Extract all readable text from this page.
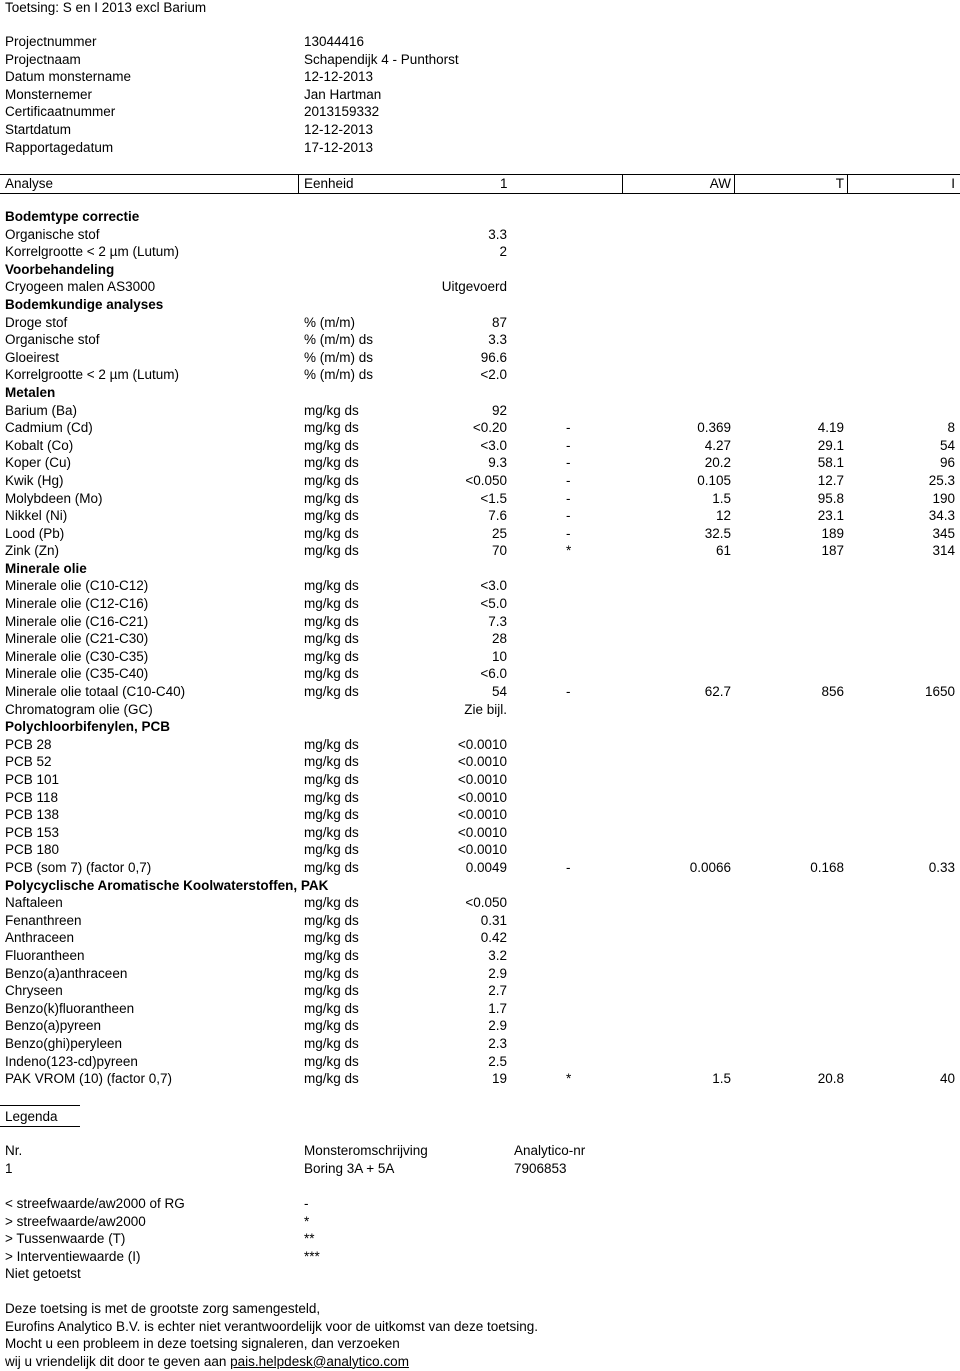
Toetsing: S en I 2013 excl Barium
Projectnummer	13044416
Projectnaam	Schapendijk 4 - Punthorst
Datum monstername	12-12-2013
Monsternemer	Jan Hartman
Certificaatnummer	2013159332
Startdatum	12-12-2013
Rapportagedatum	17-12-2013
Analyse	Eenheid	1	AW	T	I
Bodemtype correctie
Organische stof	3.3
Korrelgrootte < 2 µm (Lutum)	2
Voorbehandeling
Cryogeen malen AS3000	Uitgevoerd
Bodemkundige analyses
Droge stof	% (m/m)	87
Organische stof	% (m/m) ds	3.3
Gloeirest	% (m/m) ds	96.6
Korrelgrootte < 2 µm (Lutum)	% (m/m) ds	<2.0
Metalen
Barium (Ba)	mg/kg ds	92
Cadmium (Cd)	mg/kg ds	<0.20	-	0.369	4.19	8
Kobalt (Co)	mg/kg ds	<3.0	-	4.27	29.1	54
Koper (Cu)	mg/kg ds	9.3	-	20.2	58.1	96
Kwik (Hg)	mg/kg ds	<0.050	-	0.105	12.7	25.3
Molybdeen (Mo)	mg/kg ds	<1.5	-	1.5	95.8	190
Nikkel (Ni)	mg/kg ds	7.6	-	12	23.1	34.3
Lood (Pb)	mg/kg ds	25	-	32.5	189	345
Zink (Zn)	mg/kg ds	70	*	61	187	314
Minerale olie
Minerale olie (C10-C12)	mg/kg ds	<3.0
Minerale olie (C12-C16)	mg/kg ds	<5.0
Minerale olie (C16-C21)	mg/kg ds	7.3
Minerale olie (C21-C30)	mg/kg ds	28
Minerale olie (C30-C35)	mg/kg ds	10
Minerale olie (C35-C40)	mg/kg ds	<6.0
Minerale olie totaal (C10-C40)	mg/kg ds	54	-	62.7	856	1650
Chromatogram olie (GC)	Zie bijl.
Polychloorbifenylen, PCB
PCB 28	mg/kg ds	<0.0010
PCB 52	mg/kg ds	<0.0010
PCB 101	mg/kg ds	<0.0010
PCB 118	mg/kg ds	<0.0010
PCB 138	mg/kg ds	<0.0010
PCB 153	mg/kg ds	<0.0010
PCB 180	mg/kg ds	<0.0010
PCB (som 7) (factor 0,7)	mg/kg ds	0.0049	-	0.0066	0.168	0.33
Polycyclische Aromatische Koolwaterstoffen, PAK
Naftaleen	mg/kg ds	<0.050
Fenanthreen	mg/kg ds	0.31
Anthraceen	mg/kg ds	0.42
Fluorantheen	mg/kg ds	3.2
Benzo(a)anthraceen	mg/kg ds	2.9
Chryseen	mg/kg ds	2.7
Benzo(k)fluorantheen	mg/kg ds	1.7
Benzo(a)pyreen	mg/kg ds	2.9
Benzo(ghi)peryleen	mg/kg ds	2.3
Indeno(123-cd)pyreen	mg/kg ds	2.5
PAK VROM (10) (factor 0,7)	mg/kg ds	19	*	1.5	20.8	40
Legenda
Nr.	Monsteromschrijving	Analytico-nr
1	Boring 3A + 5A	7906853
< streefwaarde/aw2000 of RG	-
> streefwaarde/aw2000	*
> Tussenwaarde (T)	**
> Interventiewaarde (I)	***
Niet getoetst
Deze toetsing is met de grootste zorg samengesteld,
Eurofins Analytico B.V. is echter niet verantwoordelijk voor de uitkomst van deze toetsing.
Mocht u een probleem in deze toetsing signaleren, dan verzoeken
wij u vriendelijk dit door te geven aan pais.helpdesk@analytico.com
